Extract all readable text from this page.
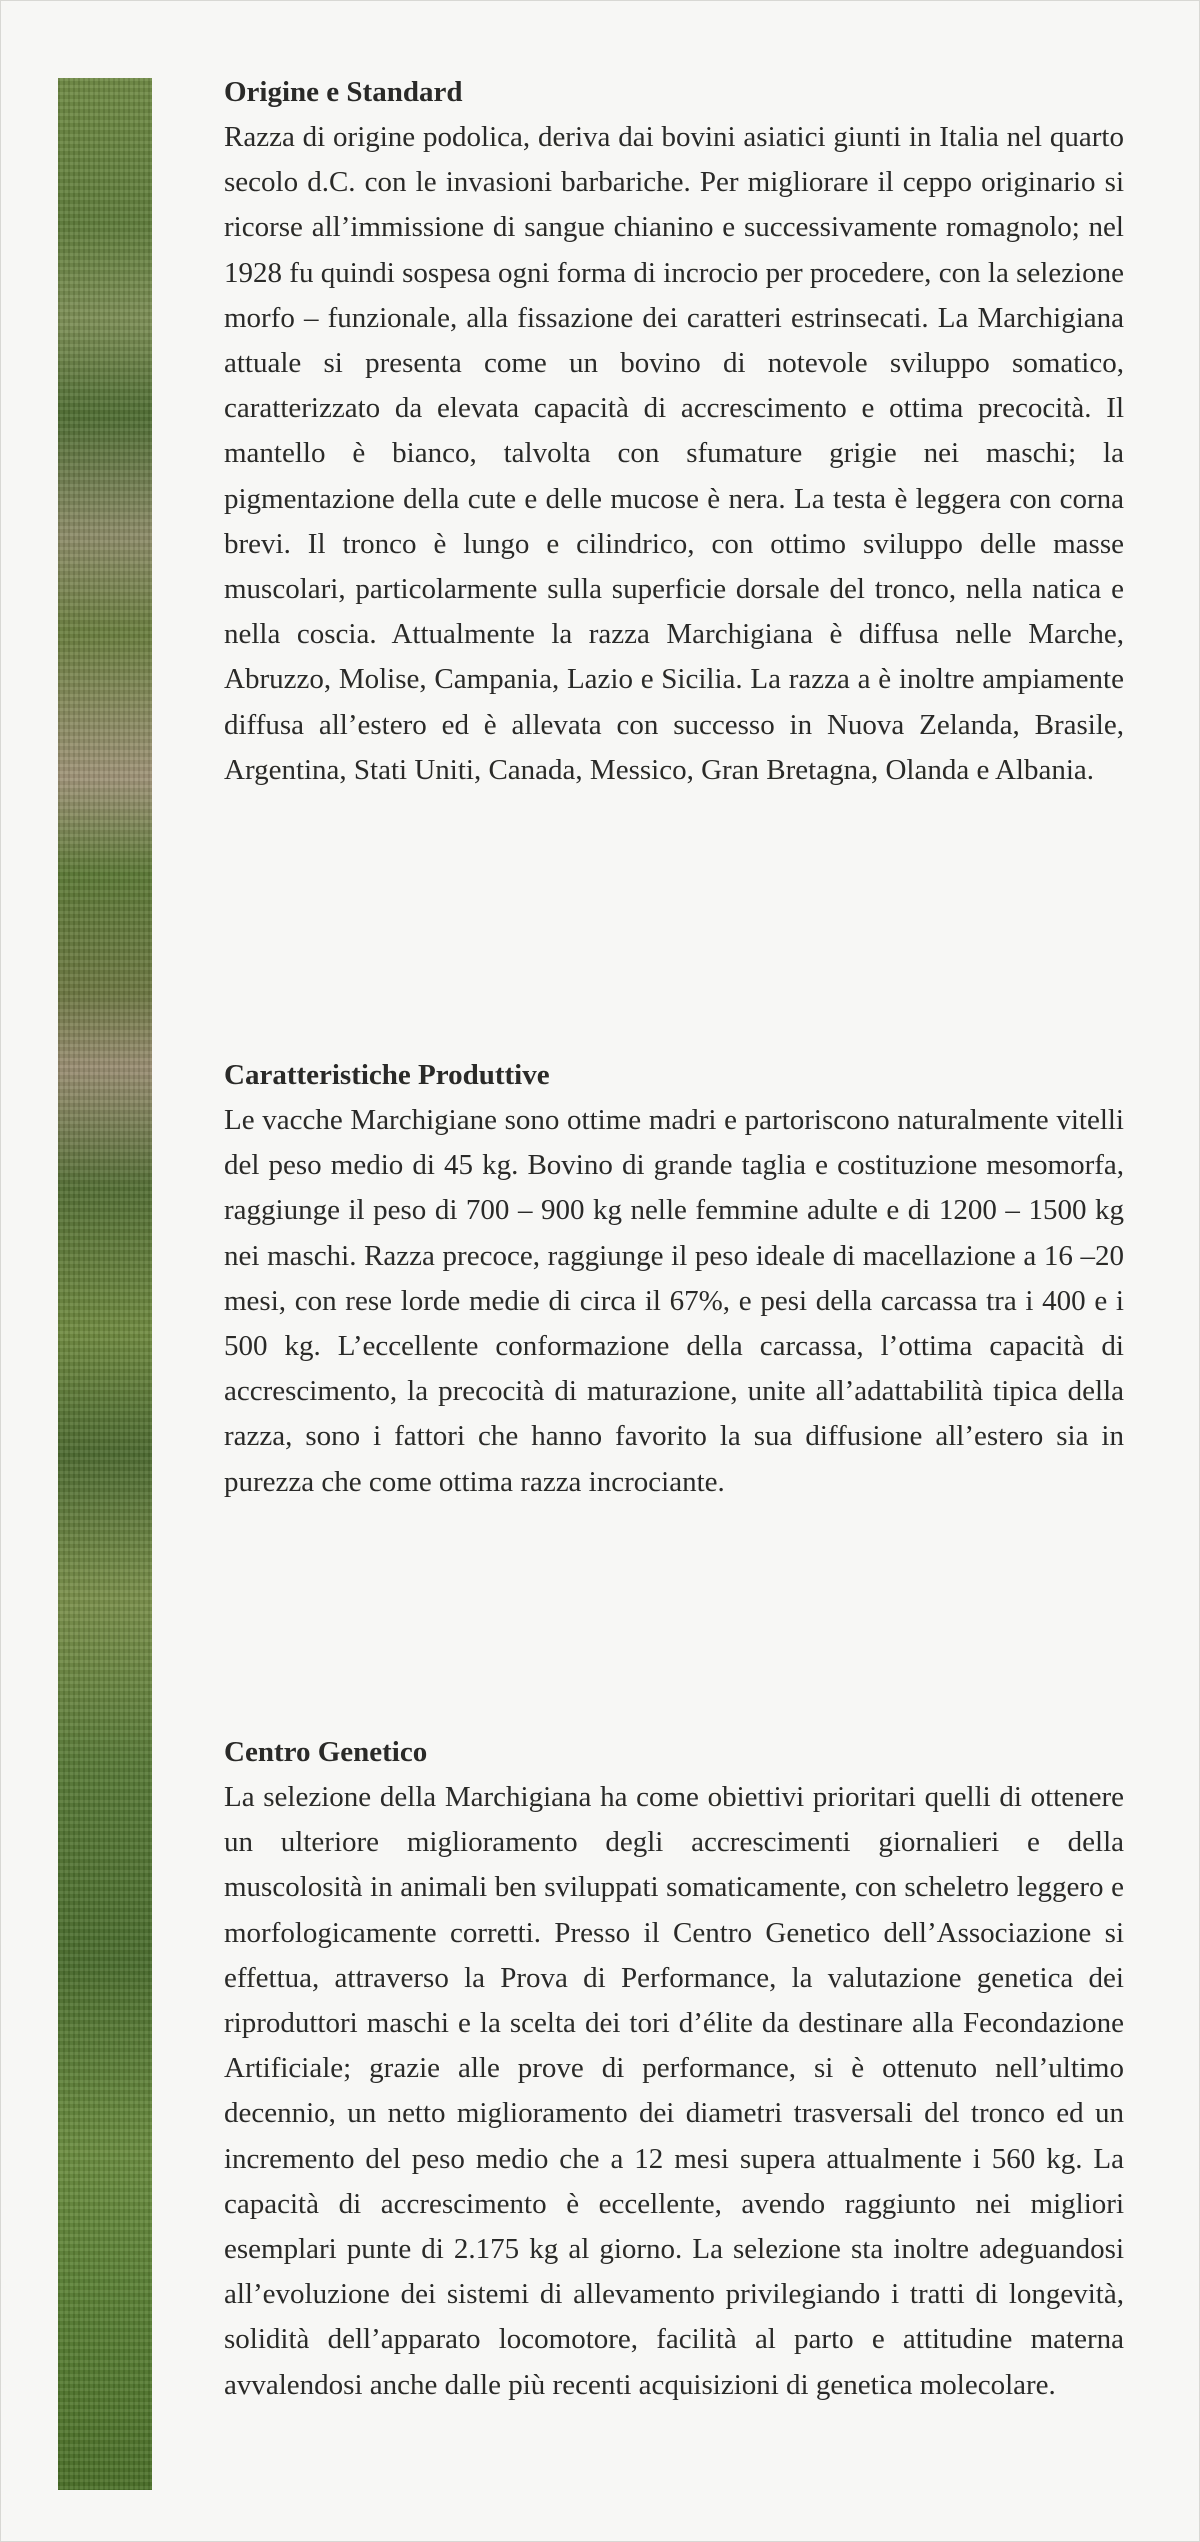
Origine e Standard

Razza di origine podolica, deriva dai bovini asiatici giunti in Italia nel quarto secolo d.C. con le invasioni barbariche. Per migliorare il ceppo originario si ricorse all’immissione di sangue chianino e successivamente romagnolo; nel 1928 fu quindi sospesa ogni forma di incrocio per procedere, con la selezione morfo – funzionale, alla fissazione dei caratteri estrinsecati. La Marchigiana attuale si presenta come un bovino di notevole sviluppo somatico, caratterizzato da elevata capacità di accrescimento e ottima precocità. Il mantello è bianco, talvolta con sfumature grigie nei maschi; la pigmentazione della cute e delle mucose è nera. La testa è leggera con corna brevi. Il tronco è lungo e cilindrico, con ottimo sviluppo delle masse muscolari, particolarmente sulla superficie dorsale del tronco, nella natica e nella coscia. Attualmente la razza Marchigiana è diffusa nelle Marche, Abruzzo, Molise, Campania, Lazio e Sicilia. La razza a è inoltre ampiamente diffusa all’estero ed è allevata con successo in Nuova Zelanda, Brasile, Argentina, Stati Uniti, Canada, Messico, Gran Bretagna, Olanda e Albania.

Caratteristiche Produttive

Le vacche Marchigiane sono ottime madri e partoriscono naturalmente vitelli del peso medio di 45 kg. Bovino di grande taglia e costituzione mesomorfa, raggiunge il peso di 700 – 900 kg nelle femmine adulte e di 1200 – 1500 kg nei maschi. Razza precoce, raggiunge il peso ideale di macellazione a 16 –20 mesi, con rese lorde medie di circa il 67%, e pesi della carcassa tra i 400 e i 500 kg. L’eccellente conformazione della carcassa, l’ottima capacità di accrescimento, la precocità di maturazione, unite all’adattabilità tipica della razza, sono i fattori che hanno favorito la sua diffusione all’estero sia in purezza che come ottima razza incrociante.

Centro Genetico

La selezione della Marchigiana ha come obiettivi prioritari quelli di ottenere un ulteriore miglioramento degli accrescimenti giornalieri e della muscolosità in animali ben sviluppati somaticamente, con scheletro leggero e morfologicamente corretti. Presso il Centro Genetico dell’Associazione si effettua, attraverso la Prova di Performance, la valutazione genetica dei riproduttori maschi e la scelta dei tori d’élite da destinare alla Fecondazione Artificiale; grazie alle prove di performance, si è ottenuto nell’ultimo decennio, un netto miglioramento dei diametri trasversali del tronco ed un incremento del peso medio che a 12 mesi supera attualmente i 560 kg. La capacità di accrescimento è eccellente, avendo raggiunto nei migliori esemplari punte di 2.175 kg al giorno. La selezione sta inoltre adeguandosi all’evoluzione dei sistemi di allevamento privilegiando i tratti di longevità, solidità dell’apparato locomotore, facilità al parto e attitudine materna avvalendosi anche dalle più recenti acquisizioni di genetica molecolare.
